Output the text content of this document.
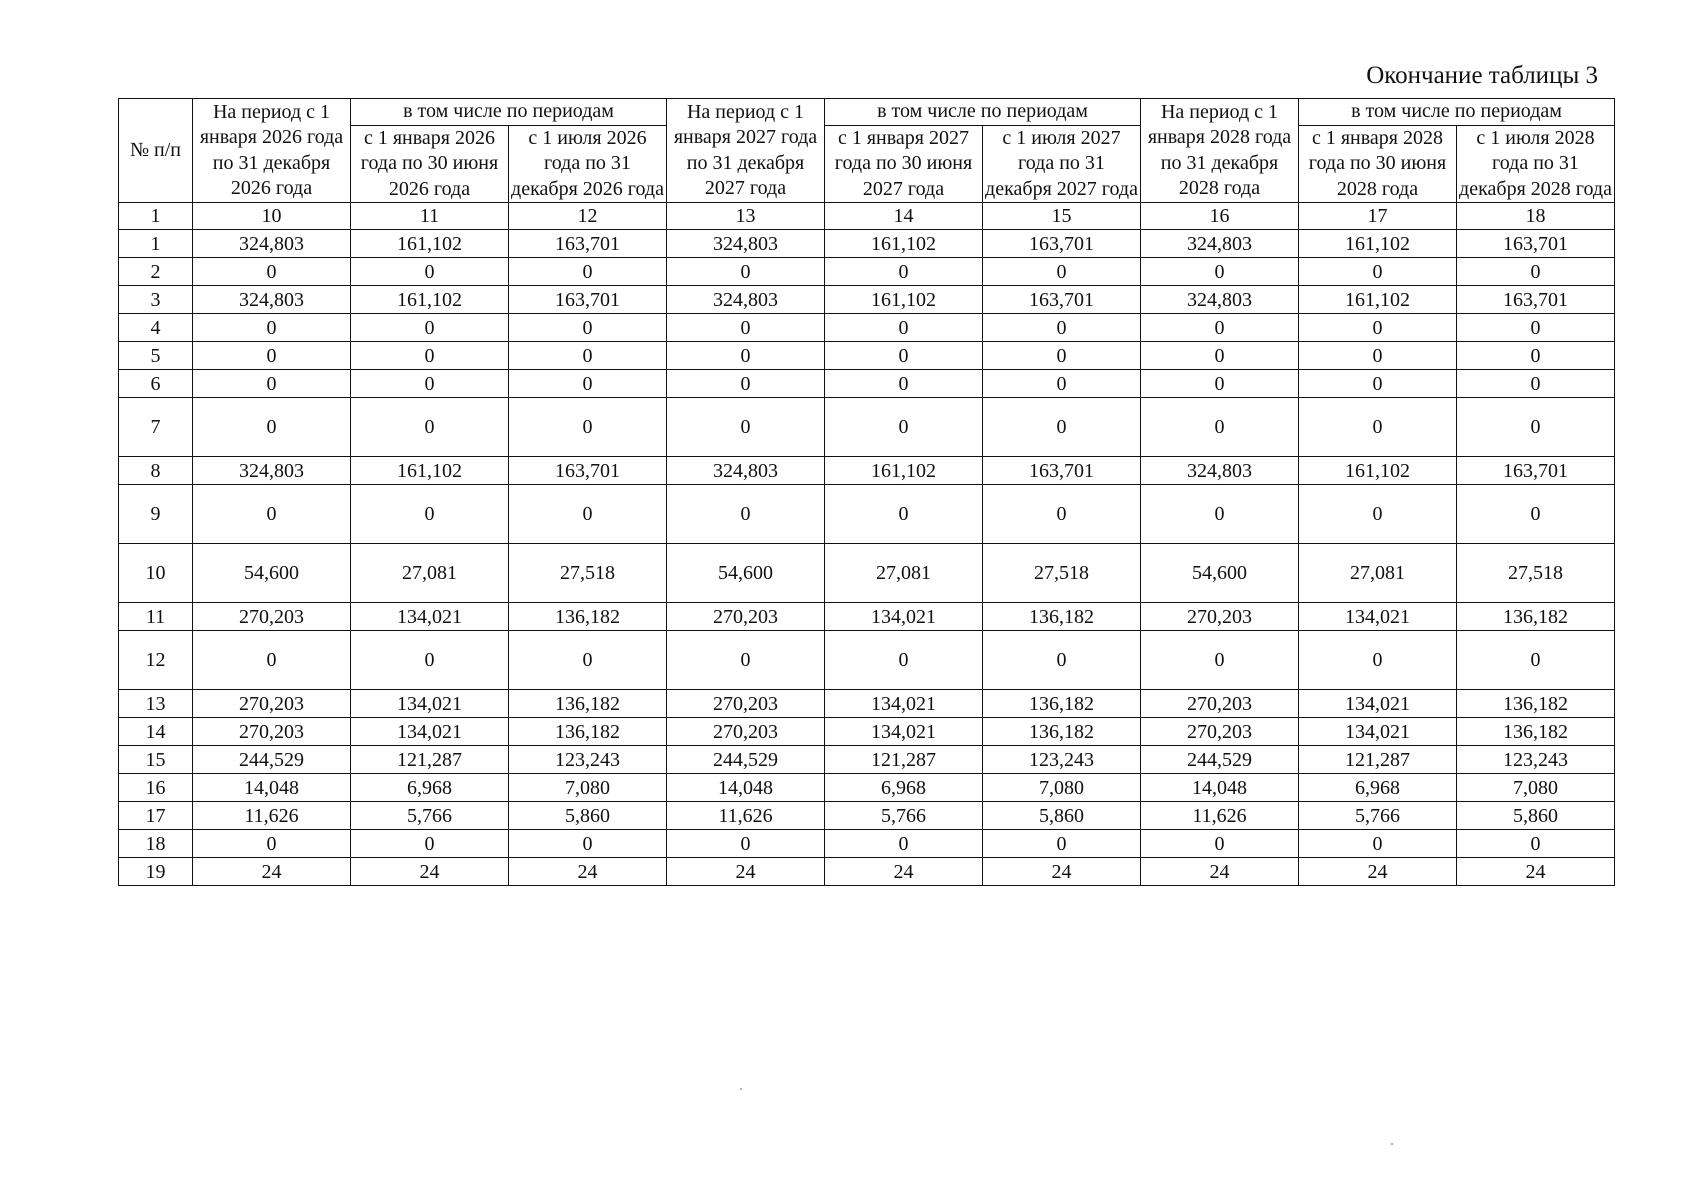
Окончание таблицы 3
№ п/п	На период с 1 января 2026 года по 31 декабря 2026 года	в том числе по периодам		На период с 1 января 2027 года по 31 декабря 2027 года	в том числе по периодам		На период с 1 января 2028 года по 31 декабря 2028 года	в том числе по периодам	
		с 1 января 2026 года по 30 июня 2026 года	с 1 июля 2026 года по 31 декабря 2026 года		с 1 января 2027 года по 30 июня 2027 года	с 1 июля 2027 года по 31 декабря 2027 года		с 1 января 2028 года по 30 июня 2028 года	с 1 июля 2028 года по 31 декабря 2028 года
1	10	11	12	13	14	15	16	17	18
1	324,803	161,102	163,701	324,803	161,102	163,701	324,803	161,102	163,701
2	0	0	0	0	0	0	0	0	0
3	324,803	161,102	163,701	324,803	161,102	163,701	324,803	161,102	163,701
4	0	0	0	0	0	0	0	0	0
5	0	0	0	0	0	0	0	0	0
6	0	0	0	0	0	0	0	0	0
7	0	0	0	0	0	0	0	0	0
8	324,803	161,102	163,701	324,803	161,102	163,701	324,803	161,102	163,701
9	0	0	0	0	0	0	0	0	0
10	54,600	27,081	27,518	54,600	27,081	27,518	54,600	27,081	27,518
11	270,203	134,021	136,182	270,203	134,021	136,182	270,203	134,021	136,182
12	0	0	0	0	0	0	0	0	0
13	270,203	134,021	136,182	270,203	134,021	136,182	270,203	134,021	136,182
14	270,203	134,021	136,182	270,203	134,021	136,182	270,203	134,021	136,182
15	244,529	121,287	123,243	244,529	121,287	123,243	244,529	121,287	123,243
16	14,048	6,968	7,080	14,048	6,968	7,080	14,048	6,968	7,080
17	11,626	5,766	5,860	11,626	5,766	5,860	11,626	5,766	5,860
18	0	0	0	0	0	0	0	0	0
19	24	24	24	24	24	24	24	24	24
